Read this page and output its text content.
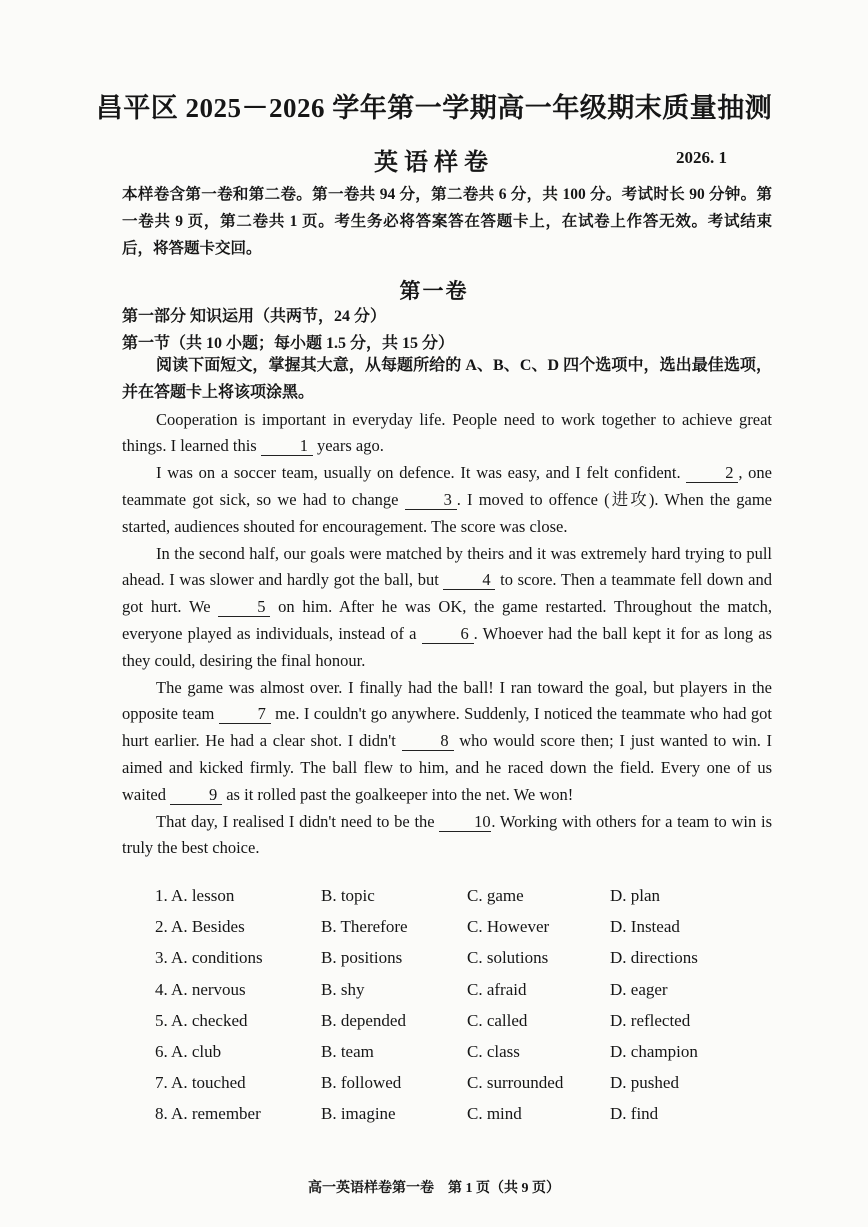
昌平区 2025－2026 学年第一学期高一年级期末质量抽测
英语样卷	2026. 1
本样卷含第一卷和第二卷。第一卷共 94 分，第二卷共 6 分，共 100 分。考试时长 90 分钟。第一卷共 9 页，第二卷共 1 页。考生务必将答案答在答题卡上，在试卷上作答无效。考试结束后，将答题卡交回。
第一卷
第一部分 知识运用（共两节，24 分）
第一节（共 10 小题；每小题 1.5 分，共 15 分）

阅读下面短文，掌握其大意，从每题所给的 A、B、C、D 四个选项中，选出最佳选项，并在答题卡上将该项涂黑。

Cooperation is important in everyday life. People need to work together to achieve great things. I learned this 1 years ago.

I was on a soccer team, usually on defence. It was easy, and I felt confident. 2 , one teammate got sick, so we had to change 3 . I moved to offence (进攻). When the game started, audiences shouted for encouragement. The score was close.

In the second half, our goals were matched by theirs and it was extremely hard trying to pull ahead. I was slower and hardly got the ball, but 4 to score. Then a teammate fell down and got hurt. We 5 on him. After he was OK, the game restarted. Throughout the match, everyone played as individuals, instead of a 6 . Whoever had the ball kept it for as long as they could, desiring the final honour.

The game was almost over. I finally had the ball! I ran toward the goal, but players in the opposite team 7 me. I couldn't go anywhere. Suddenly, I noticed the teammate who had got hurt earlier. He had a clear shot. I didn't 8 who would score then; I just wanted to win. I aimed and kicked firmly. The ball flew to him, and he raced down the field. Every one of us waited 9 as it rolled past the goalkeeper into the net. We won!

That day, I realised I didn't need to be the 10. Working with others for a team to win is truly the best choice.

1. A. lesson	B. topic	C. game	D. plan
2. A. Besides	B. Therefore	C. However	D. Instead
3. A. conditions	B. positions	C. solutions	D. directions
4. A. nervous	B. shy	C. afraid	D. eager
5. A. checked	B. depended	C. called	D. reflected
6. A. club	B. team	C. class	D. champion
7. A. touched	B. followed	C. surrounded	D. pushed
8. A. remember	B. imagine	C. mind	D. find
高一英语样卷第一卷　第 1 页（共 9 页）
